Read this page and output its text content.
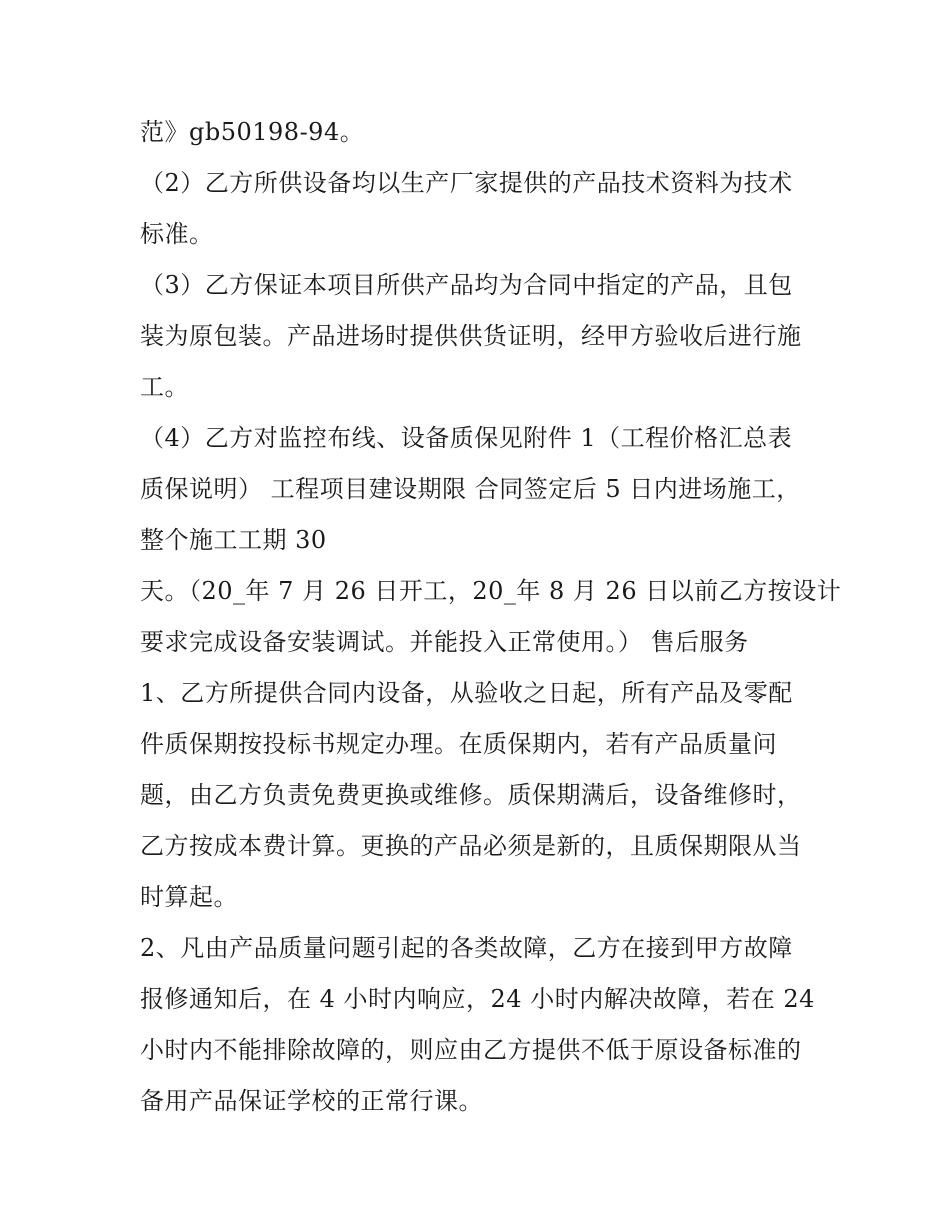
范》gb50198-94。
（2）乙方所供设备均以生产厂家提供的产品技术资料为技术
标准。
（3）乙方保证本项目所供产品均为合同中指定的产品，且包
装为原包装。产品进场时提供供货证明，经甲方验收后进行施
工。
（4）乙方对监控布线、设备质保见附件 1（工程价格汇总表
质保说明） 工程项目建设期限 合同签定后 5 日内进场施工，
整个施工工期 30
天。（20_年 7 月 26 日开工，20_年 8 月 26 日以前乙方按设计
要求完成设备安装调试。并能投入正常使用。） 售后服务
1、乙方所提供合同内设备，从验收之日起，所有产品及零配
件质保期按投标书规定办理。在质保期内，若有产品质量问
题，由乙方负责免费更换或维修。质保期满后，设备维修时，
乙方按成本费计算。更换的产品必须是新的，且质保期限从当
时算起。
2、凡由产品质量问题引起的各类故障，乙方在接到甲方故障
报修通知后，在 4 小时内响应，24 小时内解决故障，若在 24
小时内不能排除故障的，则应由乙方提供不低于原设备标准的
备用产品保证学校的正常行课。
